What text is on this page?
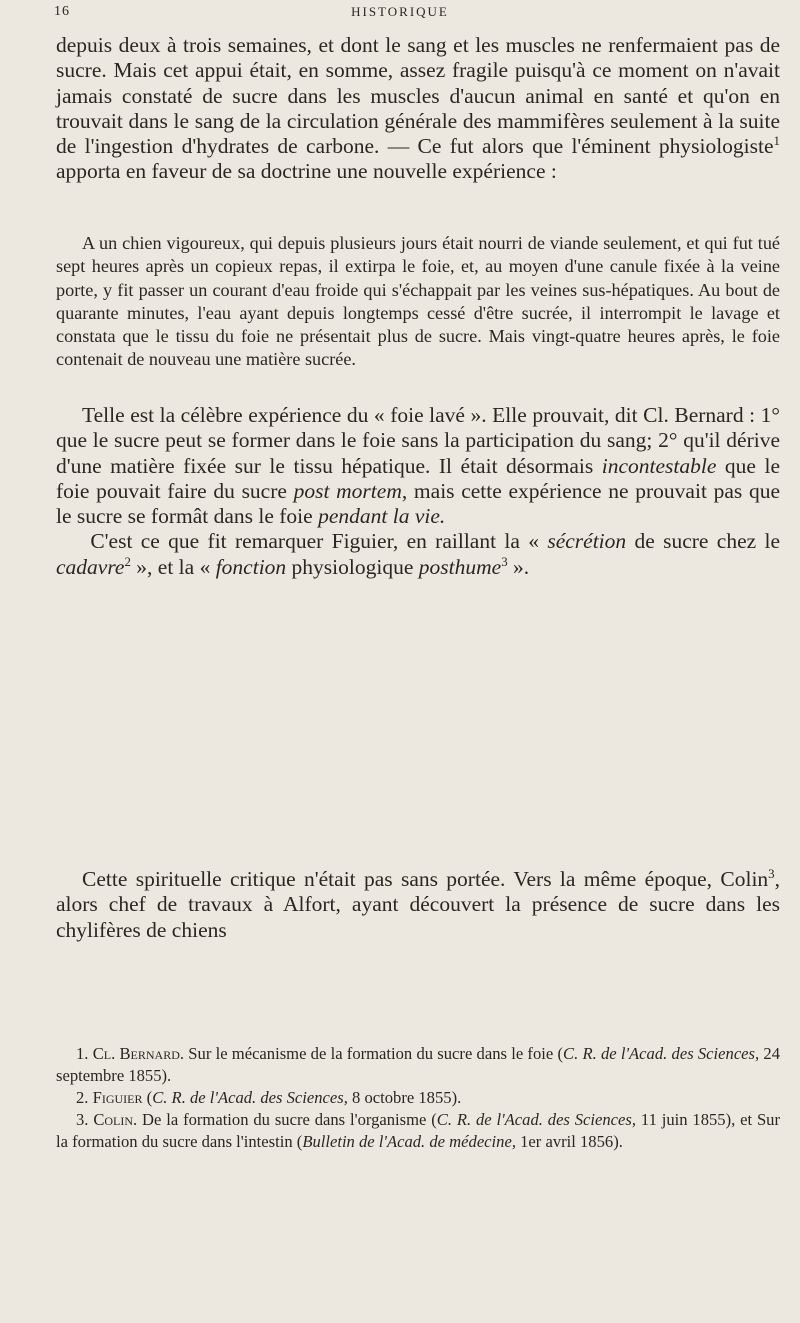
16	HISTORIQUE

depuis deux à trois semaines, et dont le sang et les muscles ne renfermaient pas de sucre. Mais cet appui était, en somme, assez fragile puisqu'à ce moment on n'avait jamais constaté de sucre dans les muscles d'aucun animal en santé et qu'on en trouvait dans le sang de la circulation générale des mammifères seulement à la suite de l'ingestion d'hydrates de carbone. — Ce fut alors que l'éminent physiologiste$^1$ apporta en faveur de sa doctrine une nouvelle expérience :

A un chien vigoureux, qui depuis plusieurs jours était nourri de viande seulement, et qui fut tué sept heures après un copieux repas, il extirpa le foie, et, au moyen d'une canule fixée à la veine porte, y fit passer un courant d'eau froide qui s'échappait par les veines sus-hépatiques. Au bout de quarante minutes, l'eau ayant depuis longtemps cessé d'être sucrée, il interrompit le lavage et constata que le tissu du foie ne présentait plus de sucre. Mais vingt-quatre heures après, le foie contenait de nouveau une matière sucrée.
Telle est la célèbre expérience du « foie lavé ». Elle prouvait, dit Cl. Bernard : 1° que le sucre peut se former dans le foie sans la participation du sang; 2° qu'il dérive d'une matière fixée sur le tissu hépatique. Il était désormais incontestable que le foie pouvait faire du sucre post mortem, mais cette expérience ne prouvait pas que le sucre se formât dans le foie pendant la vie.
C'est ce que fit remarquer Figuier, en raillant la « sécrétion de sucre chez le cadavre$^2$ », et la « fonction physiologique posthume$^3$ ».

Cette spirituelle critique n'était pas sans portée. Vers la même époque, Colin$^3$, alors chef de travaux à Alfort, ayant découvert la présence de sucre dans les chylifères de chiens

1. Cl. Bernard. Sur le mécanisme de la formation du sucre dans le foie (C. R. de l'Acad. des Sciences, 24 septembre 1855).
2. Figuier (C. R. de l'Acad. des Sciences, 8 octobre 1855).
3. Colin. De la formation du sucre dans l'organisme (C. R. de l'Acad. des Sciences, 11 juin 1855), et Sur la formation du sucre dans l'intestin (Bulletin de l'Acad. de médecine, 1er avril 1856).
